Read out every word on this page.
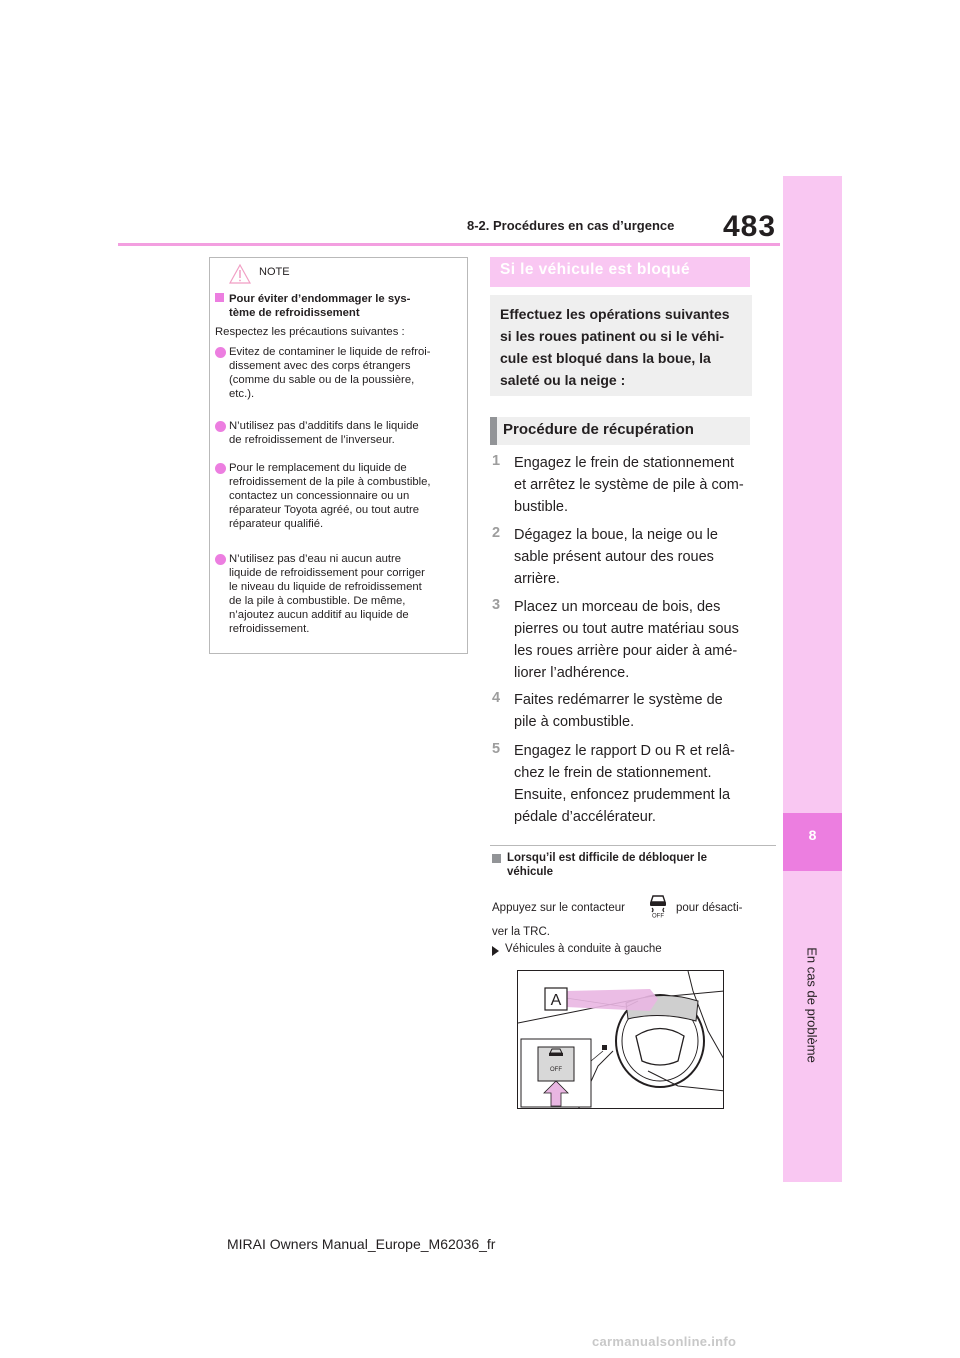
8-2. Procédures en cas d’urgence 483
8
En cas de problème
NOTE
Pour éviter d’endommager le sys-
tème de refroidissement
Respectez les précautions suivantes :
Evitez de contaminer le liquide de refroi-
dissement avec des corps étrangers
(comme du sable ou de la poussière,
etc.).
N’utilisez pas d’additifs dans le liquide
de refroidissement de l’inverseur.
Pour le remplacement du liquide de
refroidissement de la pile à combustible,
contactez un concessionnaire ou un
réparateur Toyota agréé, ou tout autre
réparateur qualifié.
N’utilisez pas d’eau ni aucun autre
liquide de refroidissement pour corriger
le niveau du liquide de refroidissement
de la pile à combustible. De même,
n’ajoutez aucun additif au liquide de
refroidissement.
Si le véhicule est bloqué
Effectuez les opérations suivantes
si les roues patinent ou si le véhi-
cule est bloqué dans la boue, la
saleté ou la neige :
Procédure de récupération
1 Engagez le frein de stationnement
et arrêtez le système de pile à com-
bustible.
2 Dégagez la boue, la neige ou le
sable présent autour des roues
arrière.
3 Placez un morceau de bois, des
pierres ou tout autre matériau sous
les roues arrière pour aider à amé-
liorer l’adhérence.
4 Faites redémarrer le système de
pile à combustible.
5 Engagez le rapport D ou R et relâ-
chez le frein de stationnement.
Ensuite, enfoncez prudemment la
pédale d’accélérateur.
Lorsqu’il est difficile de débloquer le
véhicule
Appuyez sur le contacteur
OFF
pour désacti-
ver la TRC.
Véhicules à conduite à gauche
A
OFF
MIRAI Owners Manual_Europe_M62036_fr
carmanualsonline.info
